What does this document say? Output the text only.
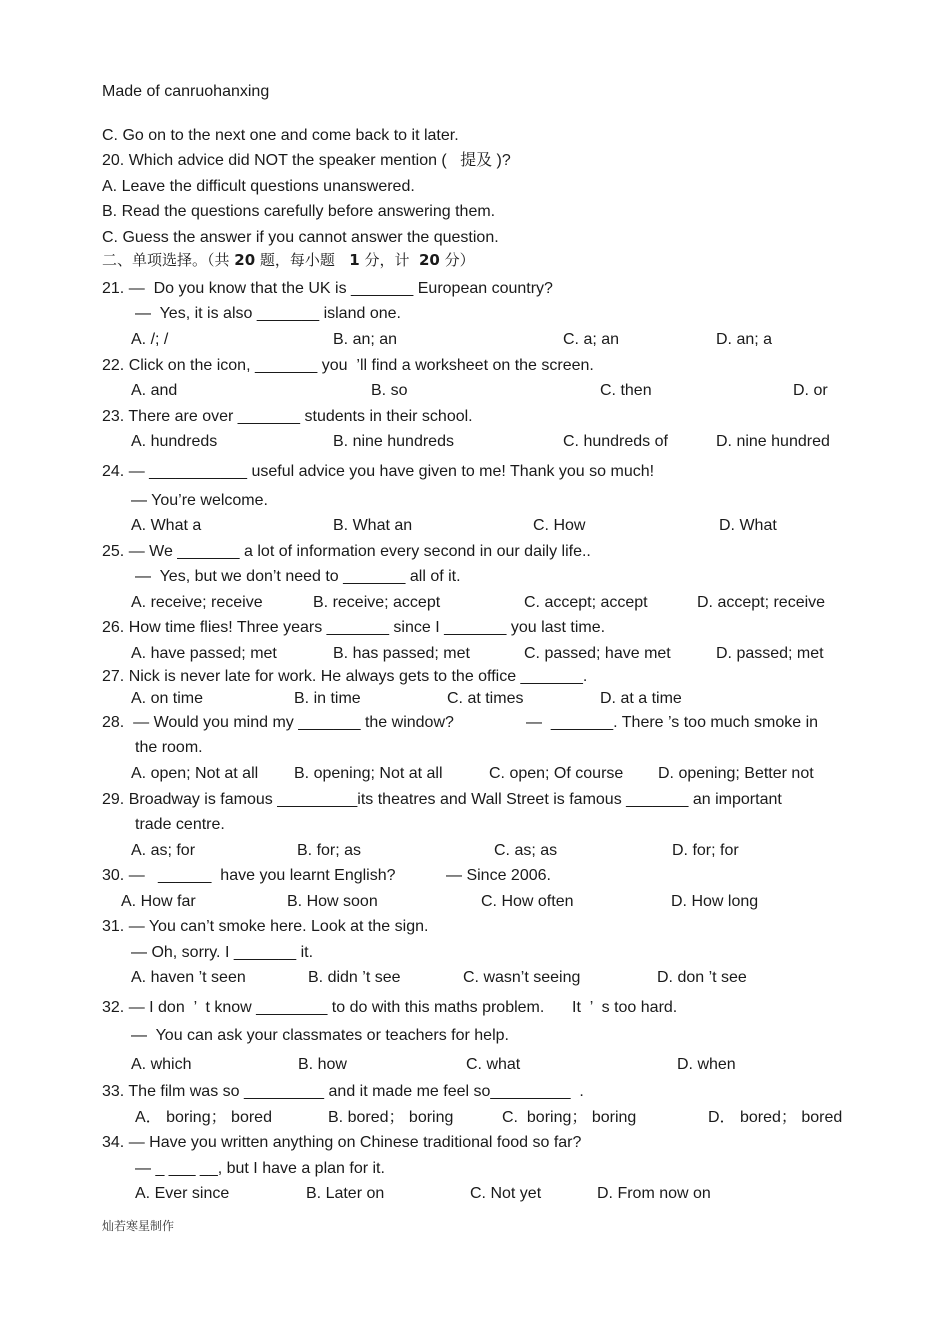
Made of canruohanxing
C. Go on to the next one and come back to it later.
20. Which advice did NOT the speaker mention (   提及 )?
A. Leave the difficult questions unanswered.
B. Read the questions carefully before answering them.
C. Guess the answer if you cannot answer the question.
二、单项选择。（共 20 题，每小题   1 分，计  20 分）
21. —  Do you know that the UK is _______ European country?
—  Yes, it is also _______ island one.
A. /; /	B. an; an	C. a; an	D. an; a
22. Click on the icon, _______ you  ’ll find a worksheet on the screen.
A. and	B. so	C. then	D. or
23. There are over _______ students in their school.
A. hundreds	B. nine hundreds	C. hundreds of	D. nine hundred
24. — ___________ useful advice you have given to me! Thank you so much!
— You’re welcome.
A. What a	B. What an	C. How	D. What
25. — We _______ a lot of information every second in our daily life..
—  Yes, but we don’t need to _______ all of it.
A. receive; receive	B. receive; accept	C. accept; accept	D. accept; receive
26. How time flies! Three years _______ since I _______ you last time.
A. have passed; met	B. has passed; met	C. passed; have met	D. passed; met
27. Nick is never late for work. He always gets to the office _______.
A. on time	B. in time	C. at times	D. at a time
28.  — Would you mind my _______ the window?	—  _______. There ’s too much smoke in
the room.
A. open; Not at all B. opening; Not at all	C. open; Of course D. opening; Better not
29. Broadway is famous _________its theatres and Wall Street is famous _______ an important
trade centre.
A. as; for	B. for; as	C. as; as	D. for; for
30. —   ______  have you learnt English?	— Since 2006.
A. How far	B. How soon	C. How often	D. How long
31. — You can’t smoke here. Look at the sign.
— Oh, sorry. I _______ it.
A. haven ’t seen	B. didn ’t see	C. wasn’t seeing	D. don ’t see
32. — I don  ’  t know ________ to do with this maths problem. It  ’  s too hard.
—  You can ask your classmates or teachers for help.
A. which	B. how	C. what	D. when
33. The film was so _________ and it made me feel so_________  .
A． boring； bored	B. bored； boring	C.  boring； boring	D． bored； bored
34. — Have you written anything on Chinese traditional food so far?
— _ ___ __, but I have a plan for it.
A. Ever since	B. Later on	C. Not yet	D. From now on
灿若寒星制作
